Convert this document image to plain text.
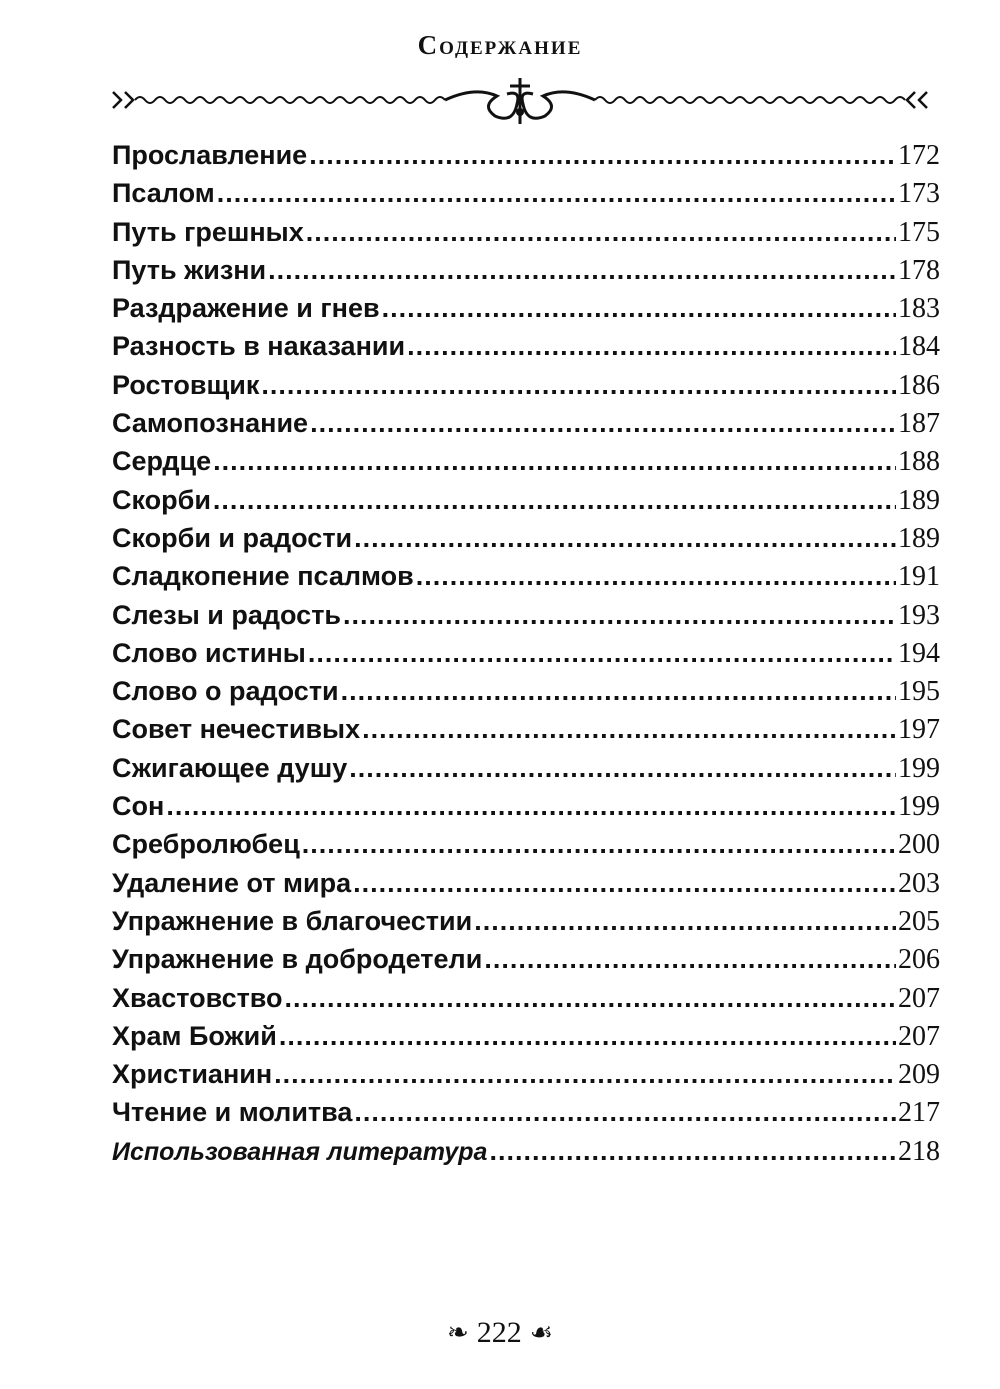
Содержание
Прославление .....	172
Псалом .....	173
Путь грешных .....	175
Путь жизни .....	178
Раздражение и гнев .....	183
Разность в наказании .....	184
Ростовщик .....	186
Самопознание .....	187
Сердце .....	188
Скорби .....	189
Скорби и радости .....	189
Сладкопение псалмов .....	191
Слезы и радость .....	193
Слово истины .....	194
Слово о радости .....	195
Совет нечестивых .....	197
Сжигающее душу .....	199
Сон .....	199
Сребролюбец .....	200
Удаление от мира .....	203
Упражнение в благочестии .....	205
Упражнение в добродетели .....	206
Хвастовство .....	207
Храм Божий .....	207
Христианин .....	209
Чтение и молитва .....	217
Использованная литература .....	218
❧ 222 ☙
